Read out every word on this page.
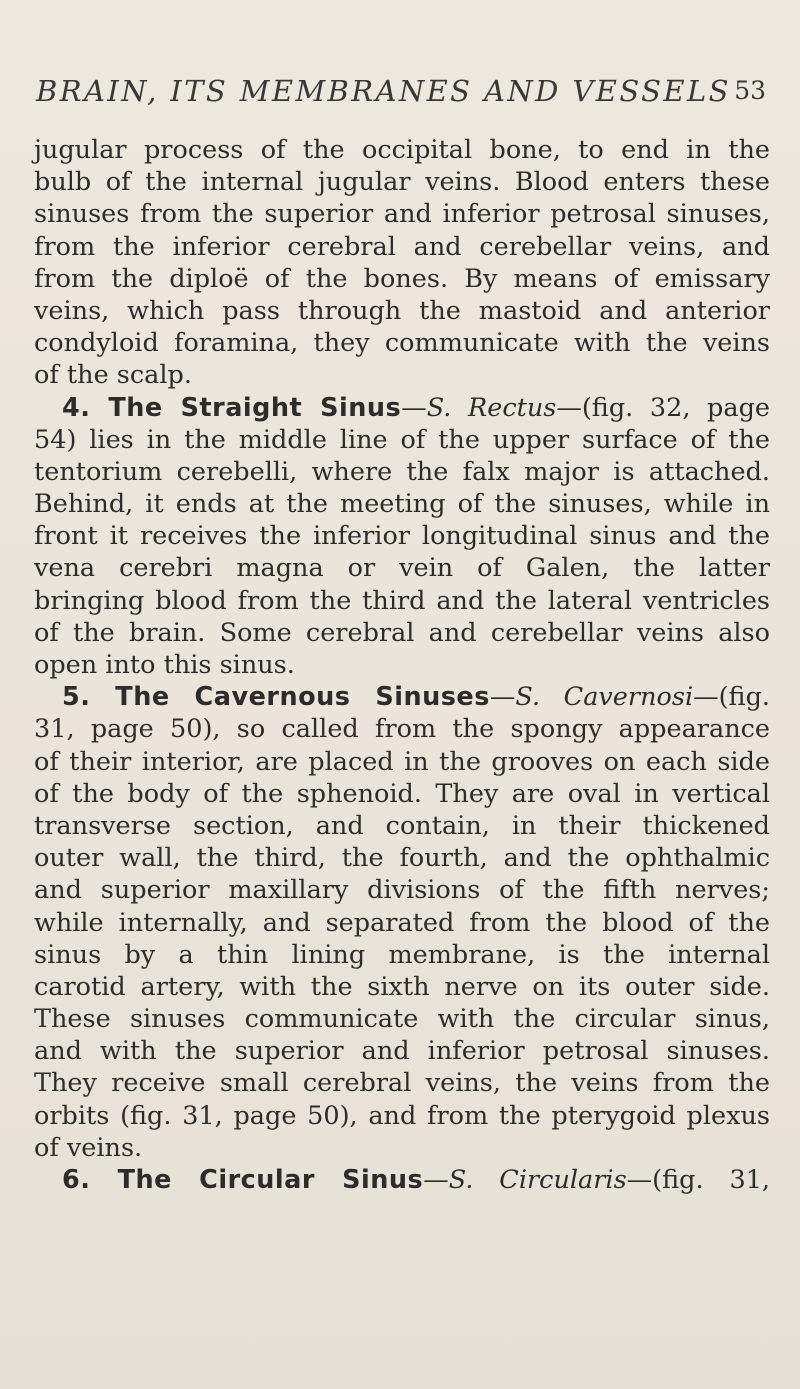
BRAIN, ITS MEMBRANES AND VESSELS 53
jugular process of the occipital bone, to end in the
bulb of the internal jugular veins. Blood enters these
sinuses from the superior and inferior petrosal sinuses,
from the inferior cerebral and cerebellar veins, and
from the diploë of the bones. By means of emissary
veins, which pass through the mastoid and anterior
condyloid foramina, they communicate with the veins
of the scalp.
4. The Straight Sinus—S. Rectus—(fig. 32, page
54) lies in the middle line of the upper surface of the
tentorium cerebelli, where the falx major is attached.
Behind, it ends at the meeting of the sinuses, while in
front it receives the inferior longitudinal sinus and the
vena cerebri magna or vein of Galen, the latter
bringing blood from the third and the lateral ventricles
of the brain. Some cerebral and cerebellar veins also
open into this sinus.
5. The Cavernous Sinuses—S. Cavernosi—(fig.
31, page 50), so called from the spongy appearance
of their interior, are placed in the grooves on each side
of the body of the sphenoid. They are oval in vertical
transverse section, and contain, in their thickened
outer wall, the third, the fourth, and the ophthalmic
and superior maxillary divisions of the fifth nerves;
while internally, and separated from the blood of the
sinus by a thin lining membrane, is the internal
carotid artery, with the sixth nerve on its outer side.
These sinuses communicate with the circular sinus,
and with the superior and inferior petrosal sinuses.
They receive small cerebral veins, the veins from the
orbits (fig. 31, page 50), and from the pterygoid plexus
of veins.
6. The Circular Sinus—S. Circularis—(fig. 31,
